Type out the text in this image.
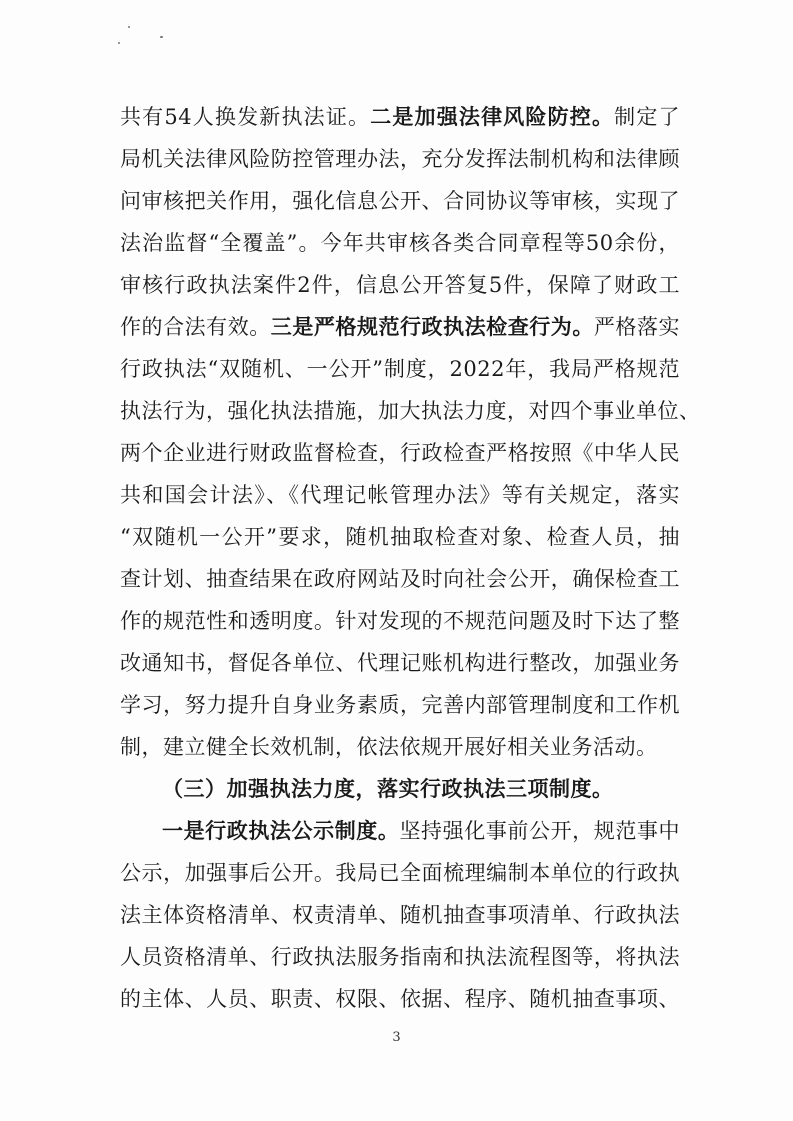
共有54人换发新执法证。二是加强法律风险防控。制定了
局机关法律风险防控管理办法，充分发挥法制机构和法律顾
问审核把关作用，强化信息公开、合同协议等审核，实现了
法治监督“全覆盖”。今年共审核各类合同章程等50余份，
审核行政执法案件2件，信息公开答复5件，保障了财政工
作的合法有效。三是严格规范行政执法检查行为。严格落实
行政执法“双随机、一公开”制度，2022年，我局严格规范
执法行为，强化执法措施，加大执法力度，对四个事业单位、
两个企业进行财政监督检查，行政检查严格按照《中华人民
共和国会计法》、《代理记帐管理办法》等有关规定，落实
“双随机一公开”要求，随机抽取检查对象、检查人员，抽
查计划、抽查结果在政府网站及时向社会公开，确保检查工
作的规范性和透明度。针对发现的不规范问题及时下达了整
改通知书，督促各单位、代理记账机构进行整改，加强业务
学习，努力提升自身业务素质，完善内部管理制度和工作机
制，建立健全长效机制，依法依规开展好相关业务活动。
（三）加强执法力度，落实行政执法三项制度。
一是行政执法公示制度。坚持强化事前公开，规范事中
公示，加强事后公开。我局已全面梳理编制本单位的行政执
法主体资格清单、权责清单、随机抽查事项清单、行政执法
人员资格清单、行政执法服务指南和执法流程图等，将执法
的主体、人员、职责、权限、依据、程序、随机抽查事项、
3
